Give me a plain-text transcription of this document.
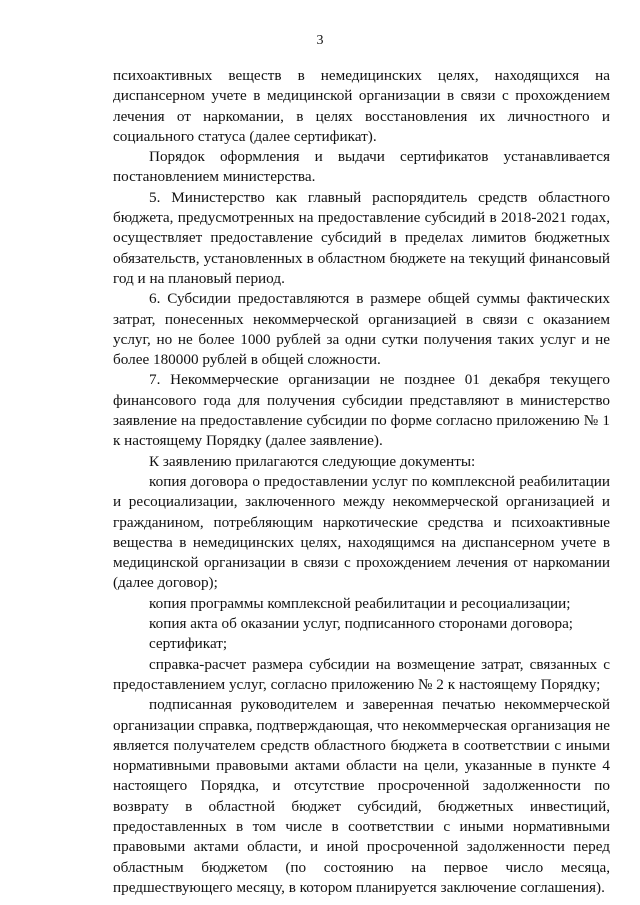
3

психоактивных веществ в немедицинских целях, находящихся на диспансерном учете в медицинской организации в связи с прохождением лечения от наркомании, в целях восстановления их личностного и социального статуса (далее сертификат).

Порядок оформления и выдачи сертификатов устанавливается постановлением министерства.

5. Министерство как главный распорядитель средств областного бюджета, предусмотренных на предоставление субсидий в 2018-2021 годах, осуществляет предоставление субсидий в пределах лимитов бюджетных обязательств, установленных в областном бюджете на текущий финансовый год и на плановый период.

6. Субсидии предоставляются в размере общей суммы фактических затрат, понесенных некоммерческой организацией в связи с оказанием услуг, но не более 1000 рублей за одни сутки получения таких услуг и не более 180000 рублей в общей сложности.

7. Некоммерческие организации не позднее 01 декабря текущего финансового года для получения субсидии представляют в министерство заявление на предоставление субсидии по форме согласно приложению № 1 к настоящему Порядку (далее заявление).

К заявлению прилагаются следующие документы:

копия договора о предоставлении услуг по комплексной реабилитации и ресоциализации, заключенного между некоммерческой организацией и гражданином, потребляющим наркотические средства и психоактивные вещества в немедицинских целях, находящимся на диспансерном учете в медицинской организации в связи с прохождением лечения от наркомании (далее договор);

копия программы комплексной реабилитации и ресоциализации;

копия акта об оказании услуг, подписанного сторонами договора;

сертификат;

справка-расчет размера субсидии на возмещение затрат, связанных с предоставлением услуг, согласно приложению № 2 к настоящему Порядку;

подписанная руководителем и заверенная печатью некоммерческой организации справка, подтверждающая, что некоммерческая организация не является получателем средств областного бюджета в соответствии с иными нормативными правовыми актами области на цели, указанные в пункте 4 настоящего Порядка, и отсутствие просроченной задолженности по возврату в областной бюджет субсидий, бюджетных инвестиций, предоставленных в том числе в соответствии с иными нормативными правовыми актами области, и иной просроченной задолженности перед областным бюджетом (по состоянию на первое число месяца, предшествующего месяцу, в котором планируется заключение соглашения).
